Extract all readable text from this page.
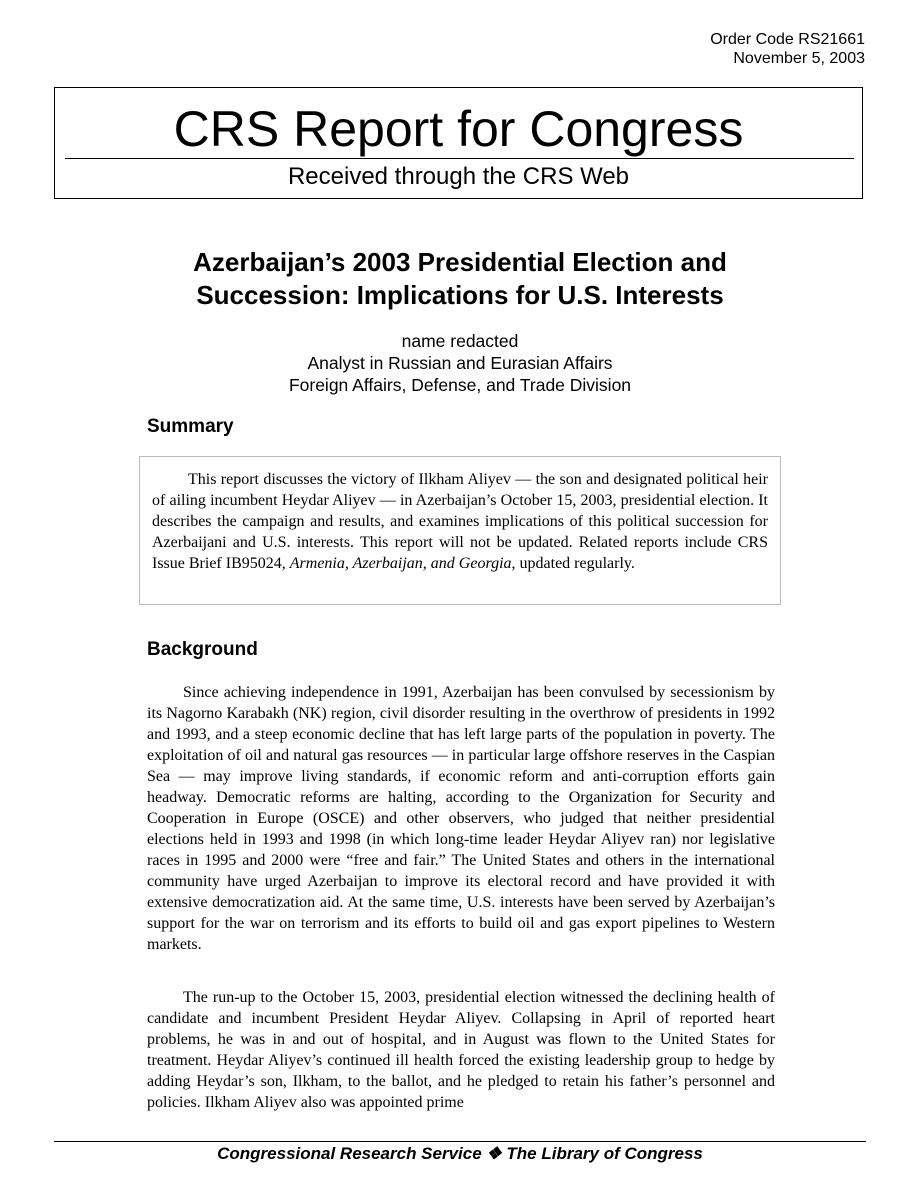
Order Code RS21661
November 5, 2003
CRS Report for Congress
Received through the CRS Web
Azerbaijan’s 2003 Presidential Election and
Succession: Implications for U.S. Interests
name redacted
Analyst in Russian and Eurasian Affairs
Foreign Affairs, Defense, and Trade Division
Summary

This report discusses the victory of Ilkham Aliyev — the son and designated political heir of ailing incumbent Heydar Aliyev — in Azerbaijan’s October 15, 2003, presidential election. It describes the campaign and results, and examines implications of this political succession for Azerbaijani and U.S. interests. This report will not be updated. Related reports include CRS Issue Brief IB95024, Armenia, Azerbaijan, and Georgia, updated regularly.

Background

Since achieving independence in 1991, Azerbaijan has been convulsed by secessionism by its Nagorno Karabakh (NK) region, civil disorder resulting in the overthrow of presidents in 1992 and 1993, and a steep economic decline that has left large parts of the population in poverty. The exploitation of oil and natural gas resources — in particular large offshore reserves in the Caspian Sea — may improve living standards, if economic reform and anti-corruption efforts gain headway. Democratic reforms are halting, according to the Organization for Security and Cooperation in Europe (OSCE) and other observers, who judged that neither presidential elections held in 1993 and 1998 (in which long-time leader Heydar Aliyev ran) nor legislative races in 1995 and 2000 were “free and fair.” The United States and others in the international community have urged Azerbaijan to improve its electoral record and have provided it with extensive democratization aid. At the same time, U.S. interests have been served by Azerbaijan’s support for the war on terrorism and its efforts to build oil and gas export pipelines to Western markets.

The run-up to the October 15, 2003, presidential election witnessed the declining health of candidate and incumbent President Heydar Aliyev. Collapsing in April of reported heart problems, he was in and out of hospital, and in August was flown to the United States for treatment. Heydar Aliyev’s continued ill health forced the existing leadership group to hedge by adding Heydar’s son, Ilkham, to the ballot, and he pledged to retain his father’s personnel and policies. Ilkham Aliyev also was appointed prime

Congressional Research Service ❖ The Library of Congress
